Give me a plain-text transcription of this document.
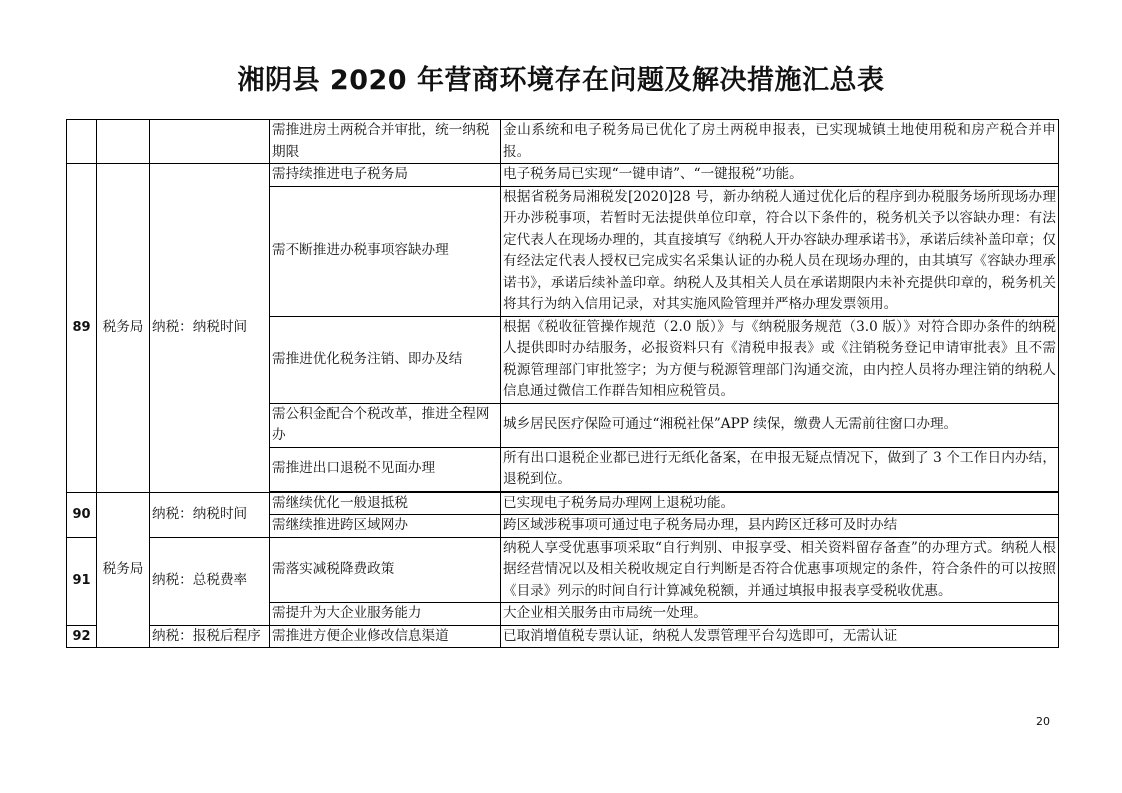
湘阴县 2020 年营商环境存在问题及解决措施汇总表
			需推进房土两税合并审批，统一纳税期限	金山系统和电子税务局已优化了房土两税申报表，已实现城镇土地使用税和房产税合并申报。
89	税务局	纳税：纳税时间	需持续推进电子税务局	电子税务局已实现“一键申请”、“一键报税”功能。
			需不断推进办税事项容缺办理	根据省税务局湘税发[2020]28 号，新办纳税人通过优化后的程序到办税服务场所现场办理开办涉税事项，若暂时无法提供单位印章，符合以下条件的，税务机关予以容缺办理：有法定代表人在现场办理的，其直接填写《纳税人开办容缺办理承诺书》，承诺后续补盖印章；仅有经法定代表人授权已完成实名采集认证的办税人员在现场办理的，由其填写《容缺办理承诺书》，承诺后续补盖印章。纳税人及其相关人员在承诺期限内未补充提供印章的，税务机关将其行为纳入信用记录，对其实施风险管理并严格办理发票领用。
			需推进优化税务注销、即办及结	根据《税收征管操作规范（2.0 版）》与《纳税服务规范（3.0 版）》对符合即办条件的纳税人提供即时办结服务，必报资料只有《清税申报表》或《注销税务登记申请审批表》且不需税源管理部门审批签字；为方便与税源管理部门沟通交流，由内控人员将办理注销的纳税人信息通过微信工作群告知相应税管员。
			需公积金配合个税改革，推进全程网办	城乡居民医疗保险可通过“湘税社保”APP 续保，缴费人无需前往窗口办理。
			需推进出口退税不见面办理	所有出口退税企业都已进行无纸化备案，在申报无疑点情况下，做到了 3 个工作日内办结，退税到位。

90	税务局	纳税：纳税时间	需继续优化一般退抵税	已实现电子税务局办理网上退税功能。
			需继续推进跨区域网办	跨区域涉税事项可通过电子税务局办理，县内跨区迁移可及时办结
91		纳税：总税费率	需落实减税降费政策	纳税人享受优惠事项采取“自行判别、申报享受、相关资料留存备查”的办理方式。纳税人根据经营情况以及相关税收规定自行判断是否符合优惠事项规定的条件，符合条件的可以按照《目录》列示的时间自行计算减免税额，并通过填报申报表享受税收优惠。
			需提升为大企业服务能力	大企业相关服务由市局统一处理。
92		纳税：报税后程序	需推进方便企业修改信息渠道	已取消增值税专票认证，纳税人发票管理平台勾选即可，无需认证
20
